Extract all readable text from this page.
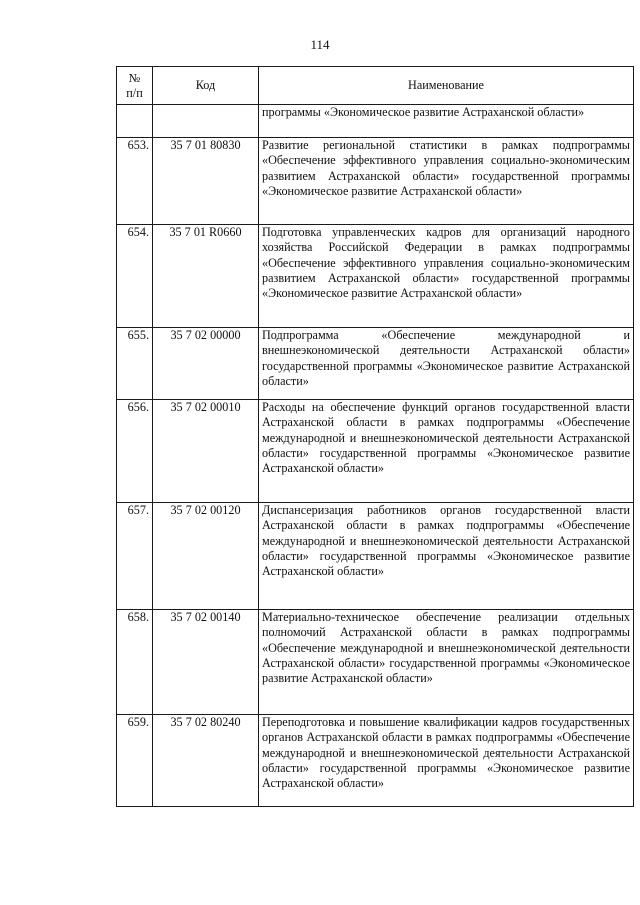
114
№
п/п	Код	Наименование
		программы «Экономическое развитие Астраханской области»
653.	35 7 01 80830	Развитие региональной статистики в рамках подпрограммы «Обеспечение эффективного управления социально-экономическим развитием Астраханской области» государственной программы «Экономическое развитие Астраханской области»
654.	35 7 01 R0660	Подготовка управленческих кадров для организаций народного хозяйства Российской Федерации в рамках подпрограммы «Обеспечение эффективного управления социально-экономическим развитием Астраханской области» государственной программы «Экономическое развитие Астраханской области»
655.	35 7 02 00000	Подпрограмма «Обеспечение международной и внешнеэкономической деятельности Астраханской области» государственной программы «Экономическое развитие Астраханской области»
656.	35 7 02 00010	Расходы на обеспечение функций органов государственной власти Астраханской области в рамках подпрограммы «Обеспечение международной и внешнеэкономической деятельности Астраханской области» государственной программы «Экономическое развитие Астраханской области»
657.	35 7 02 00120	Диспансеризация работников органов государственной власти Астраханской области в рамках подпрограммы «Обеспечение международной и внешнеэкономической деятельности Астраханской области» государственной программы «Экономическое развитие Астраханской области»
658.	35 7 02 00140	Материально-техническое обеспечение реализации отдельных полномочий Астраханской области в рамках подпрограммы «Обеспечение международной и внешнеэкономической деятельности Астраханской области» государственной программы «Экономическое развитие Астраханской области»
659.	35 7 02 80240	Переподготовка и повышение квалификации кадров государственных органов Астраханской области в рамках подпрограммы «Обеспечение международной и внешнеэкономической деятельности Астраханской области» государственной программы «Экономическое развитие Астраханской области»
